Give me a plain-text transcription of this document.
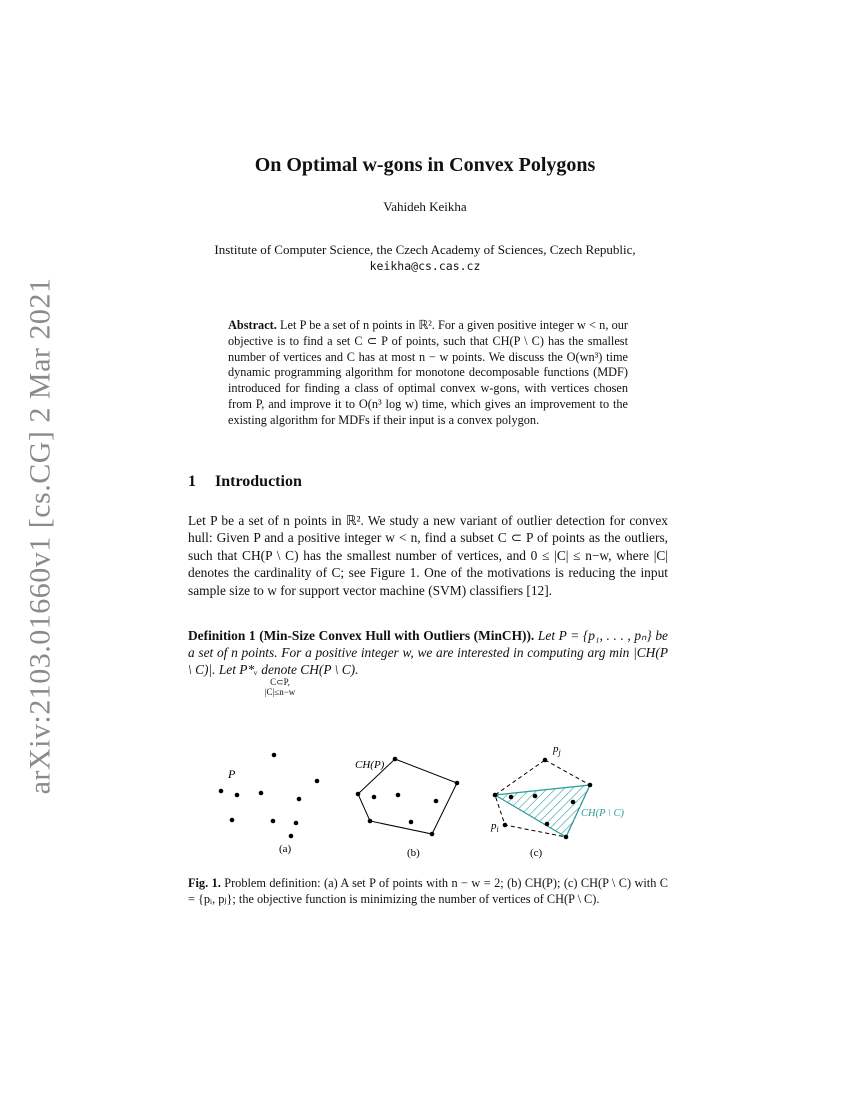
arXiv:2103.01660v1 [cs.CG] 2 Mar 2021
On Optimal w-gons in Convex Polygons
Vahideh Keikha
Institute of Computer Science, the Czech Academy of Sciences, Czech Republic,
keikha@cs.cas.cz
Abstract. Let P be a set of n points in ℝ². For a given positive integer w < n, our objective is to find a set C ⊂ P of points, such that CH(P \ C) has the smallest number of vertices and C has at most n − w points. We discuss the O(wn³) time dynamic programming algorithm for monotone decomposable functions (MDF) introduced for finding a class of optimal convex w-gons, with vertices chosen from P, and improve it to O(n³ log w) time, which gives an improvement to the existing algorithm for MDFs if their input is a convex polygon.
1 Introduction
Let P be a set of n points in ℝ². We study a new variant of outlier detection for convex hull: Given P and a positive integer w < n, find a subset C ⊂ P of points as the outliers, such that CH(P \ C) has the smallest number of vertices, and 0 ≤ |C| ≤ n−w, where |C| denotes the cardinality of C; see Figure 1. One of the motivations is reducing the input sample size to w for support vector machine (SVM) classifiers [12].
Definition 1 (Min-Size Convex Hull with Outliers (MinCH)). Let P = {p₁, . . . , pₙ} be a set of n points. For a positive integer w, we are interested in computing arg min |CH(P \ C)|. Let P*ᵥ denote CH(P \ C).
C⊂P,
|C|≤n−w
P
(a)
CH(P)
(b)
$p_j$
$p_i$
CH(P \ C)
(c)
Fig. 1. Problem definition: (a) A set P of points with n − w = 2; (b) CH(P); (c) CH(P \ C) with C = {pᵢ, pⱼ}; the objective function is minimizing the number of vertices of CH(P \ C).
